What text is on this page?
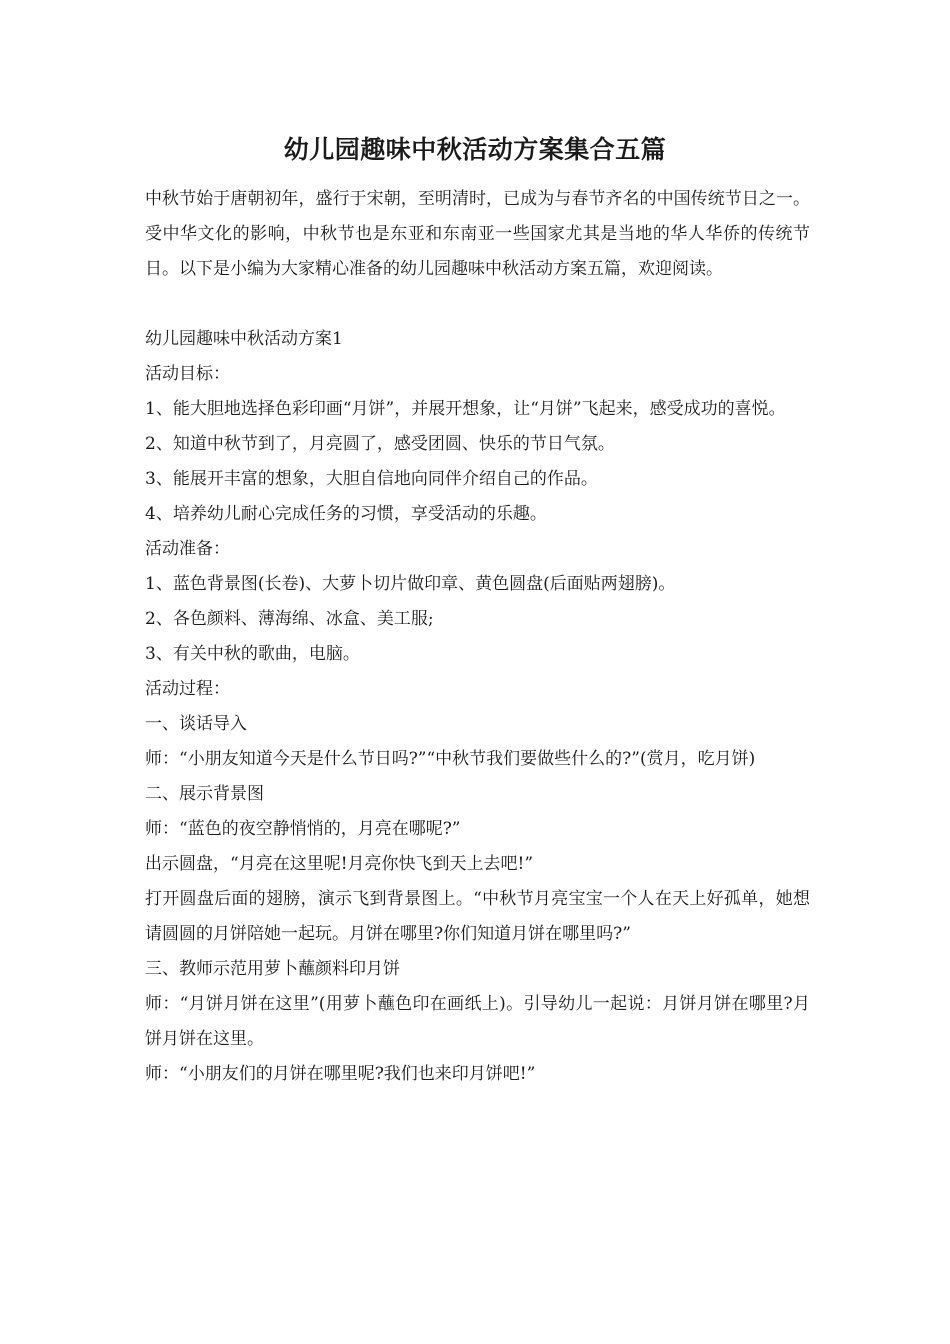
幼儿园趣味中秋活动方案集合五篇

中秋节始于唐朝初年，盛行于宋朝，至明清时，已成为与春节齐名的中国传统节日之一。受中华文化的影响，中秋节也是东亚和东南亚一些国家尤其是当地的华人华侨的传统节日。以下是小编为大家精心准备的幼儿园趣味中秋活动方案五篇，欢迎阅读。

幼儿园趣味中秋活动方案1

活动目标：

1、能大胆地选择色彩印画“月饼”，并展开想象，让“月饼”飞起来，感受成功的喜悦。

2、知道中秋节到了，月亮圆了，感受团圆、快乐的节日气氛。

3、能展开丰富的想象，大胆自信地向同伴介绍自己的作品。

4、培养幼儿耐心完成任务的习惯，享受活动的乐趣。

活动准备：

1、蓝色背景图(长卷)、大萝卜切片做印章、黄色圆盘(后面贴两翅膀)。

2、各色颜料、薄海绵、冰盒、美工服;

3、有关中秋的歌曲，电脑。

活动过程：

一、谈话导入

师：“小朋友知道今天是什么节日吗?”“中秋节我们要做些什么的?”(赏月，吃月饼)

二、展示背景图

师：“蓝色的夜空静悄悄的，月亮在哪呢?”

出示圆盘，“月亮在这里呢!月亮你快飞到天上去吧!”

打开圆盘后面的翅膀，演示飞到背景图上。“中秋节月亮宝宝一个人在天上好孤单，她想请圆圆的月饼陪她一起玩。月饼在哪里?你们知道月饼在哪里吗?”

三、教师示范用萝卜蘸颜料印月饼

师：“月饼月饼在这里”(用萝卜蘸色印在画纸上)。引导幼儿一起说：月饼月饼在哪里?月饼月饼在这里。

师：“小朋友们的月饼在哪里呢?我们也来印月饼吧!”
